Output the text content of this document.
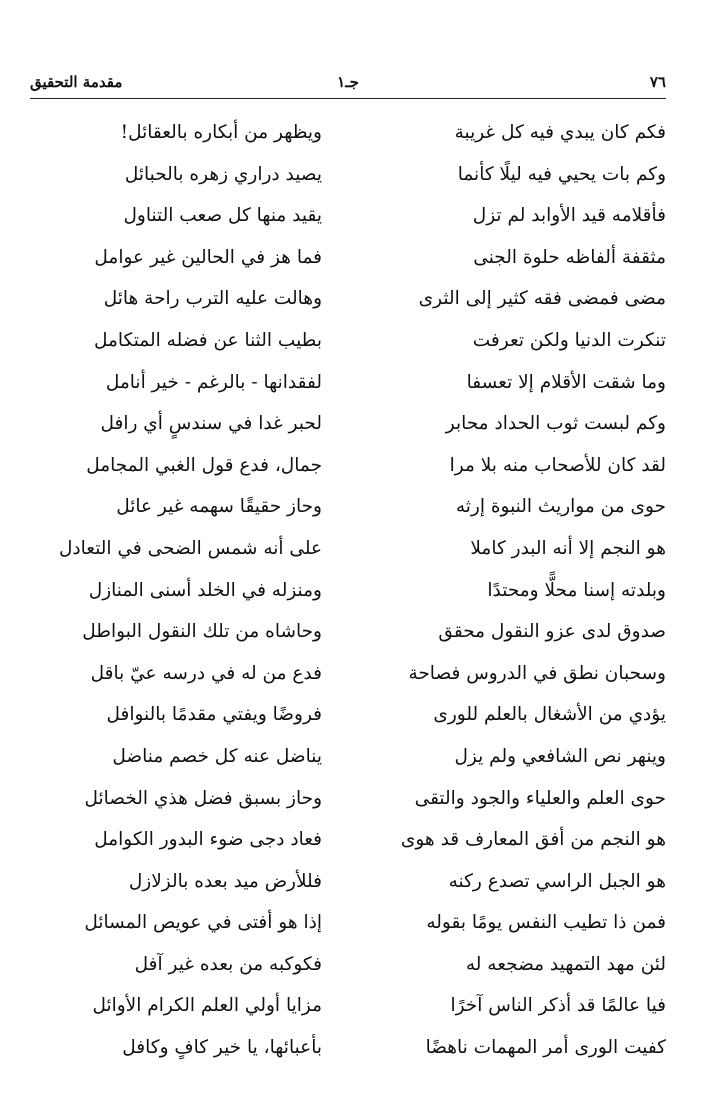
٧٦
جـ١
مقدمة التحقيق
فكم كان يبدي فيه كل غريبة
ويظهر من أبكاره بالعقائل!
وكم بات يحيي فيه ليلًا كأنما
يصيد دراري زهره بالحبائل
فأقلامه قيد الأوابد لم تزل
يقيد منها كل صعب التناول
مثقفة ألفاظه حلوة الجنى
فما هز في الحالين غير عوامل
مضى فمضى فقه كثير إلى الثرى
وهالت عليه الترب راحة هائل
تنكرت الدنيا ولكن تعرفت
بطيب الثنا عن فضله المتكامل
وما شقت الأقلام إلا تعسفا
لفقدانها - بالرغم - خير أنامل
وكم لبست ثوب الحداد محابر
لحبر غدا في سندسٍ أي رافل
لقد كان للأصحاب منه بلا مرا
جمال، فدع قول الغبي المجامل
حوى من مواريث النبوة إرثه
وحاز حقيقًا سهمه غير عائل
هو النجم إلا أنه البدر كاملا
على أنه شمس الضحى في التعادل
وبلدته إسنا محلًّا ومحتدًا
ومنزله في الخلد أسنى المنازل
صدوق لدى عزو النقول محقق
وحاشاه من تلك النقول البواطل
وسحبان نطق في الدروس فصاحة
فدع من له في درسه عيّ باقل
يؤدي من الأشغال بالعلم للورى
فروضًا ويفتي مقدمًا بالنوافل
وينهر نص الشافعي ولم يزل
يناضل عنه كل خصم مناضل
حوى العلم والعلياء والجود والتقى
وحاز بسبق فضل هذي الخصائل
هو النجم من أفق المعارف قد هوى
فعاد دجى ضوء البدور الكوامل
هو الجبل الراسي تصدع ركنه
فللأرض ميد بعده بالزلازل
فمن ذا تطيب النفس يومًا بقوله
إذا هو أفتى في عويص المسائل
لئن مهد التمهيد مضجعه له
فكوكبه من بعده غير آفل
فيا عالمًا قد أذكر الناس آخرًا
مزايا أولي العلم الكرام الأوائل
كفيت الورى أمر المهمات ناهضًا
بأعبائها، يا خير كافٍ وكافل
